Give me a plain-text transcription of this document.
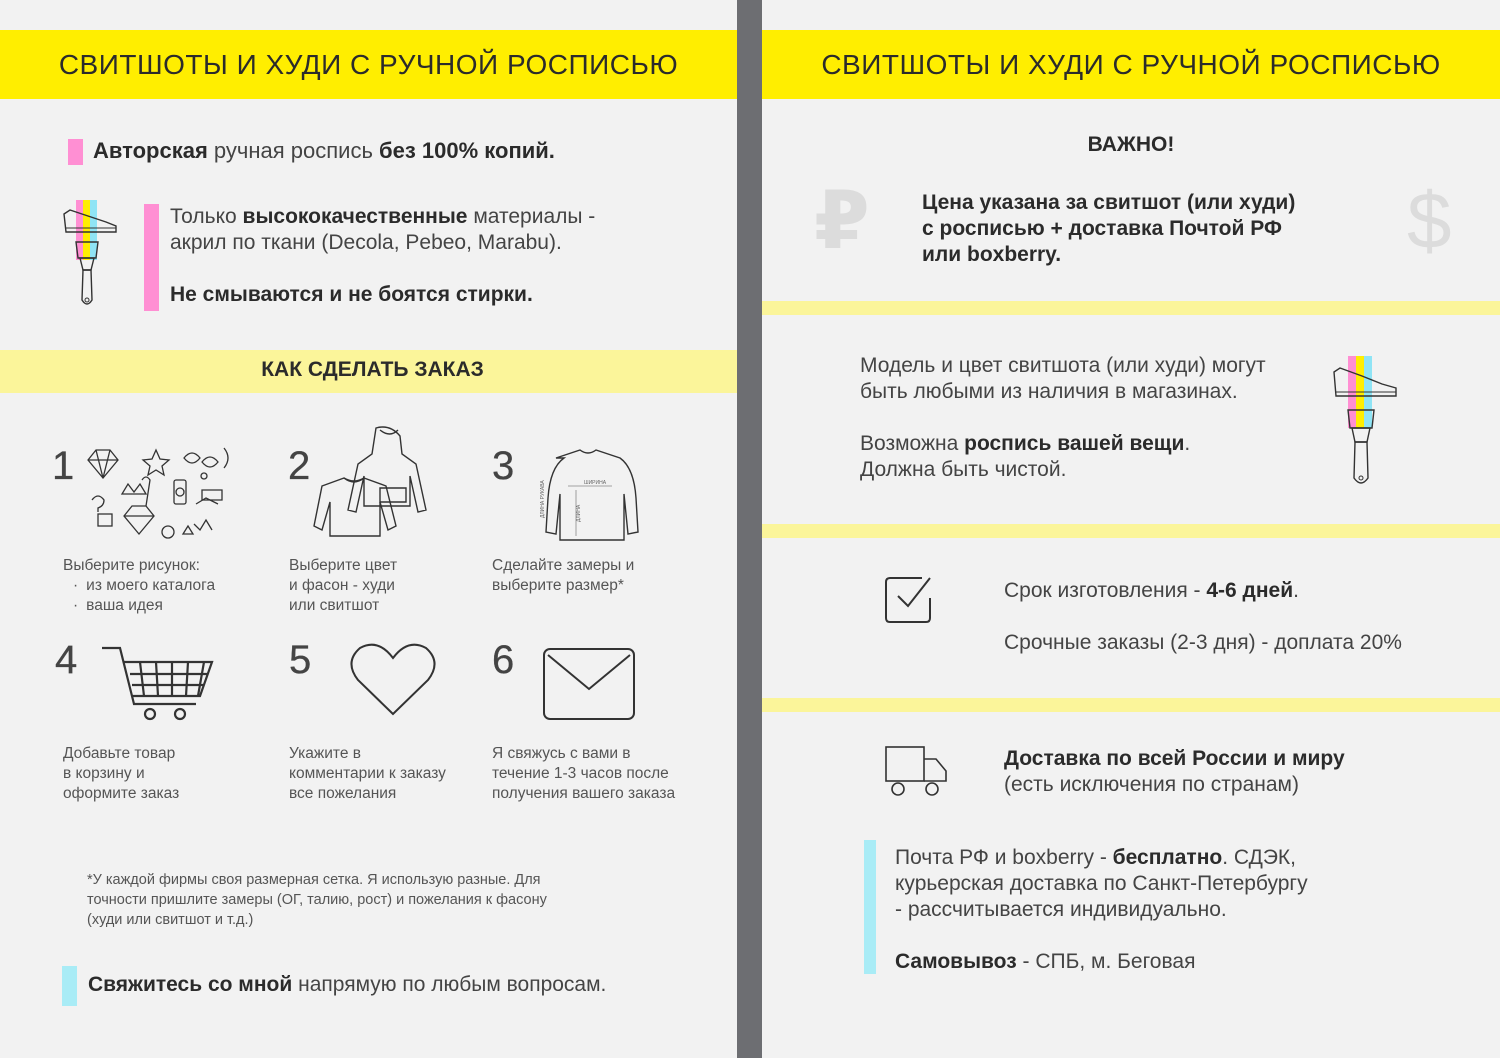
СВИТШОТЫ И ХУДИ С РУЧНОЙ РОСПИСЬЮ
Авторская ручная роспись без 100% копий.
Только высококачественные материалы -
акрил по ткани (Decola, Pebeo, Marabu).
Не смываются и не боятся стирки.
КАК СДЕЛАТЬ ЗАКАЗ
1
Выберите рисунок:
· из моего каталога
· ваша идея
2
Выберите цвет
и фасон - худи
или свитшот
3	ШИРИНА
ДЛИНА РУКАВА	ДЛИНА
Сделайте замеры и
выберите размер*
4
Добавьте товар
в корзину и
оформите заказ
5
Укажите в
комментарии к заказу
все пожелания
6
Я свяжусь с вами в
течение 1-3 часов после
получения вашего заказа
*У каждой фирмы своя размерная сетка. Я использую разные. Для
точности пришлите замеры (ОГ, талию, рост) и пожелания к фасону
(худи или свитшот и т.д.)
Свяжитесь со мной напрямую по любым вопросам.
СВИТШОТЫ И ХУДИ С РУЧНОЙ РОСПИСЬЮ
ВАЖНО!
₽	$
Цена указана за свитшот (или худи)
с росписью + доставка Почтой РФ
или boxberry.
Модель и цвет свитшота (или худи) могут
быть любыми из наличия в магазинах.
Возможна роспись вашей вещи.
Должна быть чистой.
Срок изготовления - 4-6 дней.
Срочные заказы (2-3 дня) - доплата 20%
Доставка по всей России и миру
(есть исключения по странам)
Почта РФ и boxberry - бесплатно. СДЭК,
курьерская доставка по Санкт-Петербургу
- рассчитывается индивидуально.
Самовывоз - СПБ, м. Беговая
